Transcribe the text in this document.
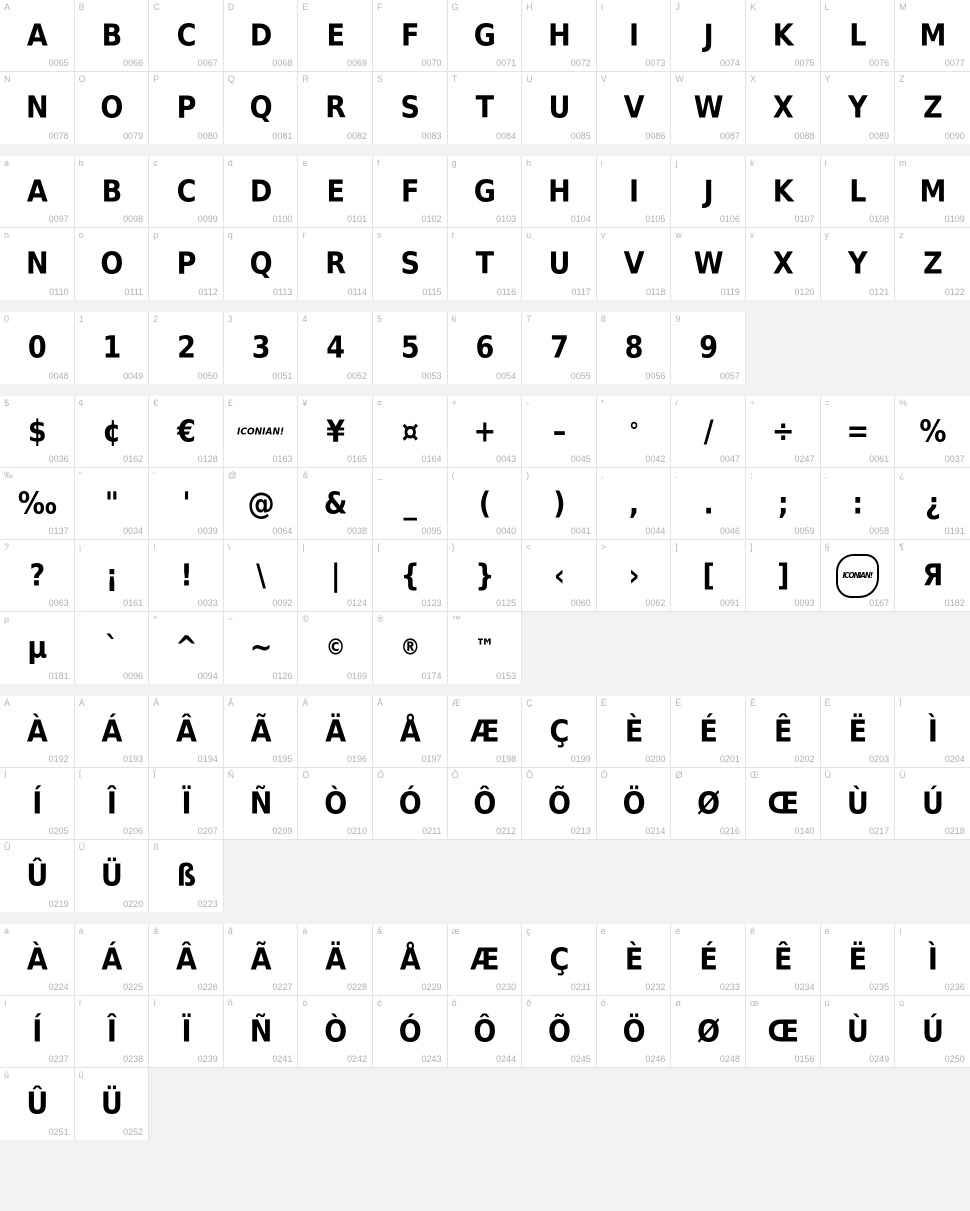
A
A
0065
B
B
0066
C
C
0067
D
D
0068
E
E
0069
F
F
0070
G
G
0071
H
H
0072
I
I
0073
J
J
0074
K
K
0075
L
L
0076
M
M
0077
N
N
0078
O
O
0079
P
P
0080
Q
Q
0081
R
R
0082
S
S
0083
T
T
0084
U
U
0085
V
V
0086
W
W
0087
X
X
0088
Y
Y
0089
Z
Z
0090
a
A
0097
b
B
0098
c
C
0099
d
D
0100
e
E
0101
f
F
0102
g
G
0103
h
H
0104
i
I
0105
j
J
0106
k
K
0107
l
L
0108
m
M
0109
n
N
0110
o
O
0111
p
P
0112
q
Q
0113
r
R
0114
s
S
0115
t
T
0116
u
U
0117
v
V
0118
w
W
0119
x
X
0120
y
Y
0121
z
Z
0122
0
0
0048
1
1
0049
2
2
0050
3
3
0051
4
4
0052
5
5
0053
6
6
0054
7
7
0055
8
8
0056
9
9
0057
$
$
0036
¢
¢
0162
€
€
0128
£
ICONIAN!
0163
¥
¥
0165
¤
¤
0164
+
+
0043
-
–
0045
*
°
0042
/
/
0047
÷
÷
0247
=
=
0061
%
%
0037
‰
‰
0137
"
"
0034
'
'
0039
@
@
0064
&
&
0038
_
_
0095
(
(
0040
)
)
0041
,
,
0044
.
.
0046
;
;
0059
:
:
0058
¿
¿
0191
?
?
0063
¡
¡
0161
!
!
0033
\
\
0092
|
|
0124
{
{
0123
}
}
0125
<
‹
0060
>
›
0062
[
[
0091
]
]
0093
§
ICONIAN!
0167
¶
Я
0182
µ
µ
0181
`
`
0096
^
^
0094
~
~
0126
©
©
0169
®
®
0174
™
™
0153
À
À
0192
Á
Á
0193
Â
Â
0194
Ã
Ã
0195
Ä
Ä
0196
Å
Å
0197
Æ
Æ
0198
Ç
Ç
0199
È
È
0200
É
É
0201
Ê
Ê
0202
Ë
Ë
0203
Ì
Ì
0204
Í
Í
0205
Î
Î
0206
Ï
Ï
0207
Ñ
Ñ
0209
Ò
Ò
0210
Ó
Ó
0211
Ô
Ô
0212
Õ
Õ
0213
Ö
Ö
0214
Ø
Ø
0216
Œ
Œ
0140
Ù
Ù
0217
Ú
Ú
0218
Û
Û
0219
Ü
Ü
0220
ß
ß
0223
à
À
0224
á
Á
0225
â
Â
0226
ã
Ã
0227
ä
Ä
0228
å
Å
0229
æ
Æ
0230
ç
Ç
0231
è
È
0232
é
É
0233
ê
Ê
0234
ë
Ë
0235
ì
Ì
0236
í
Í
0237
î
Î
0238
ï
Ï
0239
ñ
Ñ
0241
ò
Ò
0242
ó
Ó
0243
ô
Ô
0244
õ
Õ
0245
ö
Ö
0246
ø
Ø
0248
œ
Œ
0156
ù
Ù
0249
ú
Ú
0250
û
Û
0251
ü
Ü
0252
